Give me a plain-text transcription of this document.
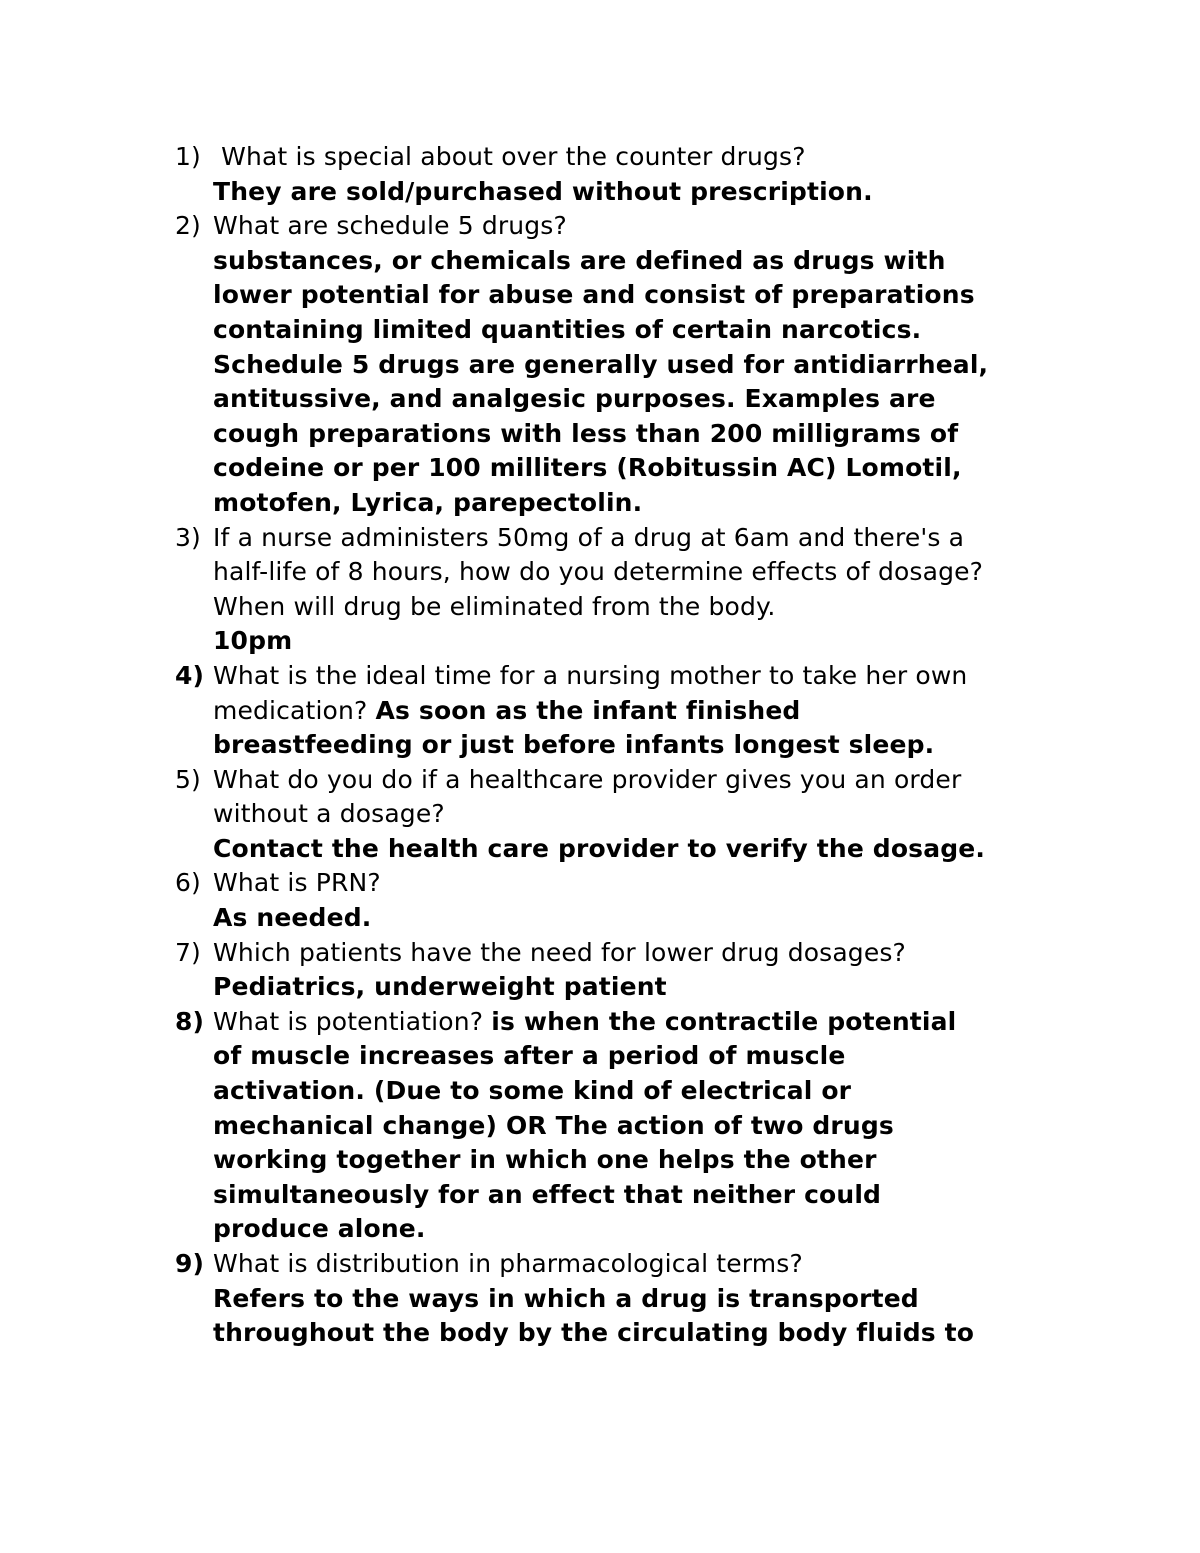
1) What is special about over the counter drugs?
They are sold/purchased without prescription.
2) What are schedule 5 drugs?
substances, or chemicals are defined as drugs with
lower potential for abuse and consist of preparations
containing limited quantities of certain narcotics.
Schedule 5 drugs are generally used for antidiarrheal,
antitussive, and analgesic purposes. Examples are
cough preparations with less than 200 milligrams of
codeine or per 100 milliters (Robitussin AC) Lomotil,
motofen, Lyrica, parepectolin.
3) If a nurse administers 50mg of a drug at 6am and there's a
half-life of 8 hours, how do you determine effects of dosage?
When will drug be eliminated from the body.
10pm
4) What is the ideal time for a nursing mother to take her own
medication? As soon as the infant finished
breastfeeding or just before infants longest sleep.
5) What do you do if a healthcare provider gives you an order
without a dosage?
Contact the health care provider to verify the dosage.
6) What is PRN?
As needed.
7) Which patients have the need for lower drug dosages?
Pediatrics, underweight patient
8) What is potentiation? is when the contractile potential
of muscle increases after a period of muscle
activation. (Due to some kind of electrical or
mechanical change) OR The action of two drugs
working together in which one helps the other
simultaneously for an effect that neither could
produce alone.
9) What is distribution in pharmacological terms?
Refers to the ways in which a drug is transported
throughout the body by the circulating body fluids to
